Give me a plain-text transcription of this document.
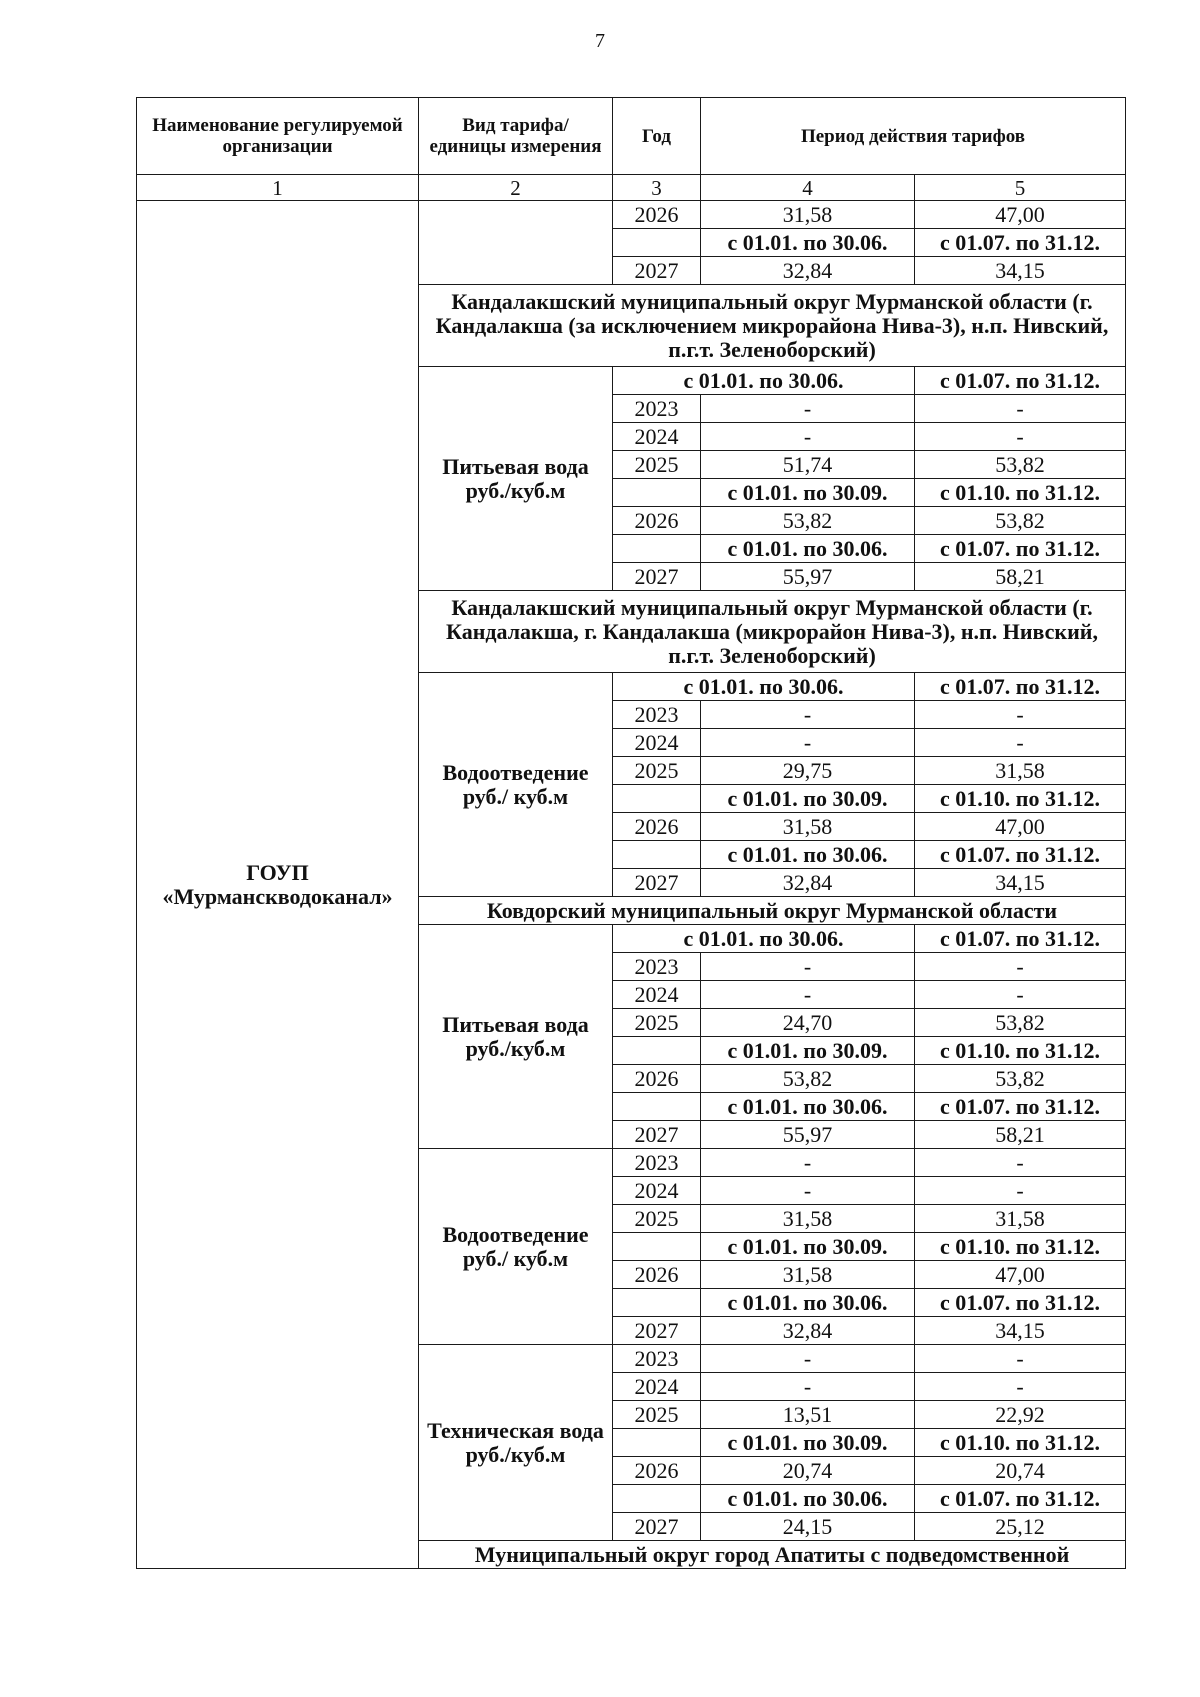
7
Наименование регулируемой организации	Вид тарифа/ единицы измерения	Год	Период действия тарифов	
1	2	3	4	5
ГОУП «Мурманскводоканал»		2026	31,58	47,00
			с 01.01. по 30.06.	с 01.07. по 31.12.
		2027	32,84	34,15
	Кандалакшский муниципальный округ Мурманской области (г. Кандалакша (за исключением микрорайона Нива-3), н.п. Нивский, п.г.т. Зеленоборский)			
	Питьевая вода руб./куб.м	с 01.01. по 30.06.		с 01.07. по 31.12.
		2023	-	-
		2024	-	-
		2025	51,74	53,82
			с 01.01. по 30.09.	с 01.10. по 31.12.
		2026	53,82	53,82
			с 01.01. по 30.06.	с 01.07. по 31.12.
		2027	55,97	58,21
	Кандалакшский муниципальный округ Мурманской области (г. Кандалакша, г. Кандалакша (микрорайон Нива-3), н.п. Нивский, п.г.т. Зеленоборский)			
	Водоотведение руб./ куб.м	с 01.01. по 30.06.		с 01.07. по 31.12.
		2023	-	-
		2024	-	-
		2025	29,75	31,58
			с 01.01. по 30.09.	с 01.10. по 31.12.
		2026	31,58	47,00
			с 01.01. по 30.06.	с 01.07. по 31.12.
		2027	32,84	34,15
	Ковдорский муниципальный округ Мурманской области			
	Питьевая вода руб./куб.м	с 01.01. по 30.06.		с 01.07. по 31.12.
		2023	-	-
		2024	-	-
		2025	24,70	53,82
			с 01.01. по 30.09.	с 01.10. по 31.12.
		2026	53,82	53,82
			с 01.01. по 30.06.	с 01.07. по 31.12.
		2027	55,97	58,21
	Водоотведение руб./ куб.м	2023	-	-
		2024	-	-
		2025	31,58	31,58
			с 01.01. по 30.09.	с 01.10. по 31.12.
		2026	31,58	47,00
			с 01.01. по 30.06.	с 01.07. по 31.12.
		2027	32,84	34,15
	Техническая вода руб./куб.м	2023	-	-
		2024	-	-
		2025	13,51	22,92
			с 01.01. по 30.09.	с 01.10. по 31.12.
		2026	20,74	20,74
			с 01.01. по 30.06.	с 01.07. по 31.12.
		2027	24,15	25,12
	Муниципальный округ город Апатиты с подведомственной			
